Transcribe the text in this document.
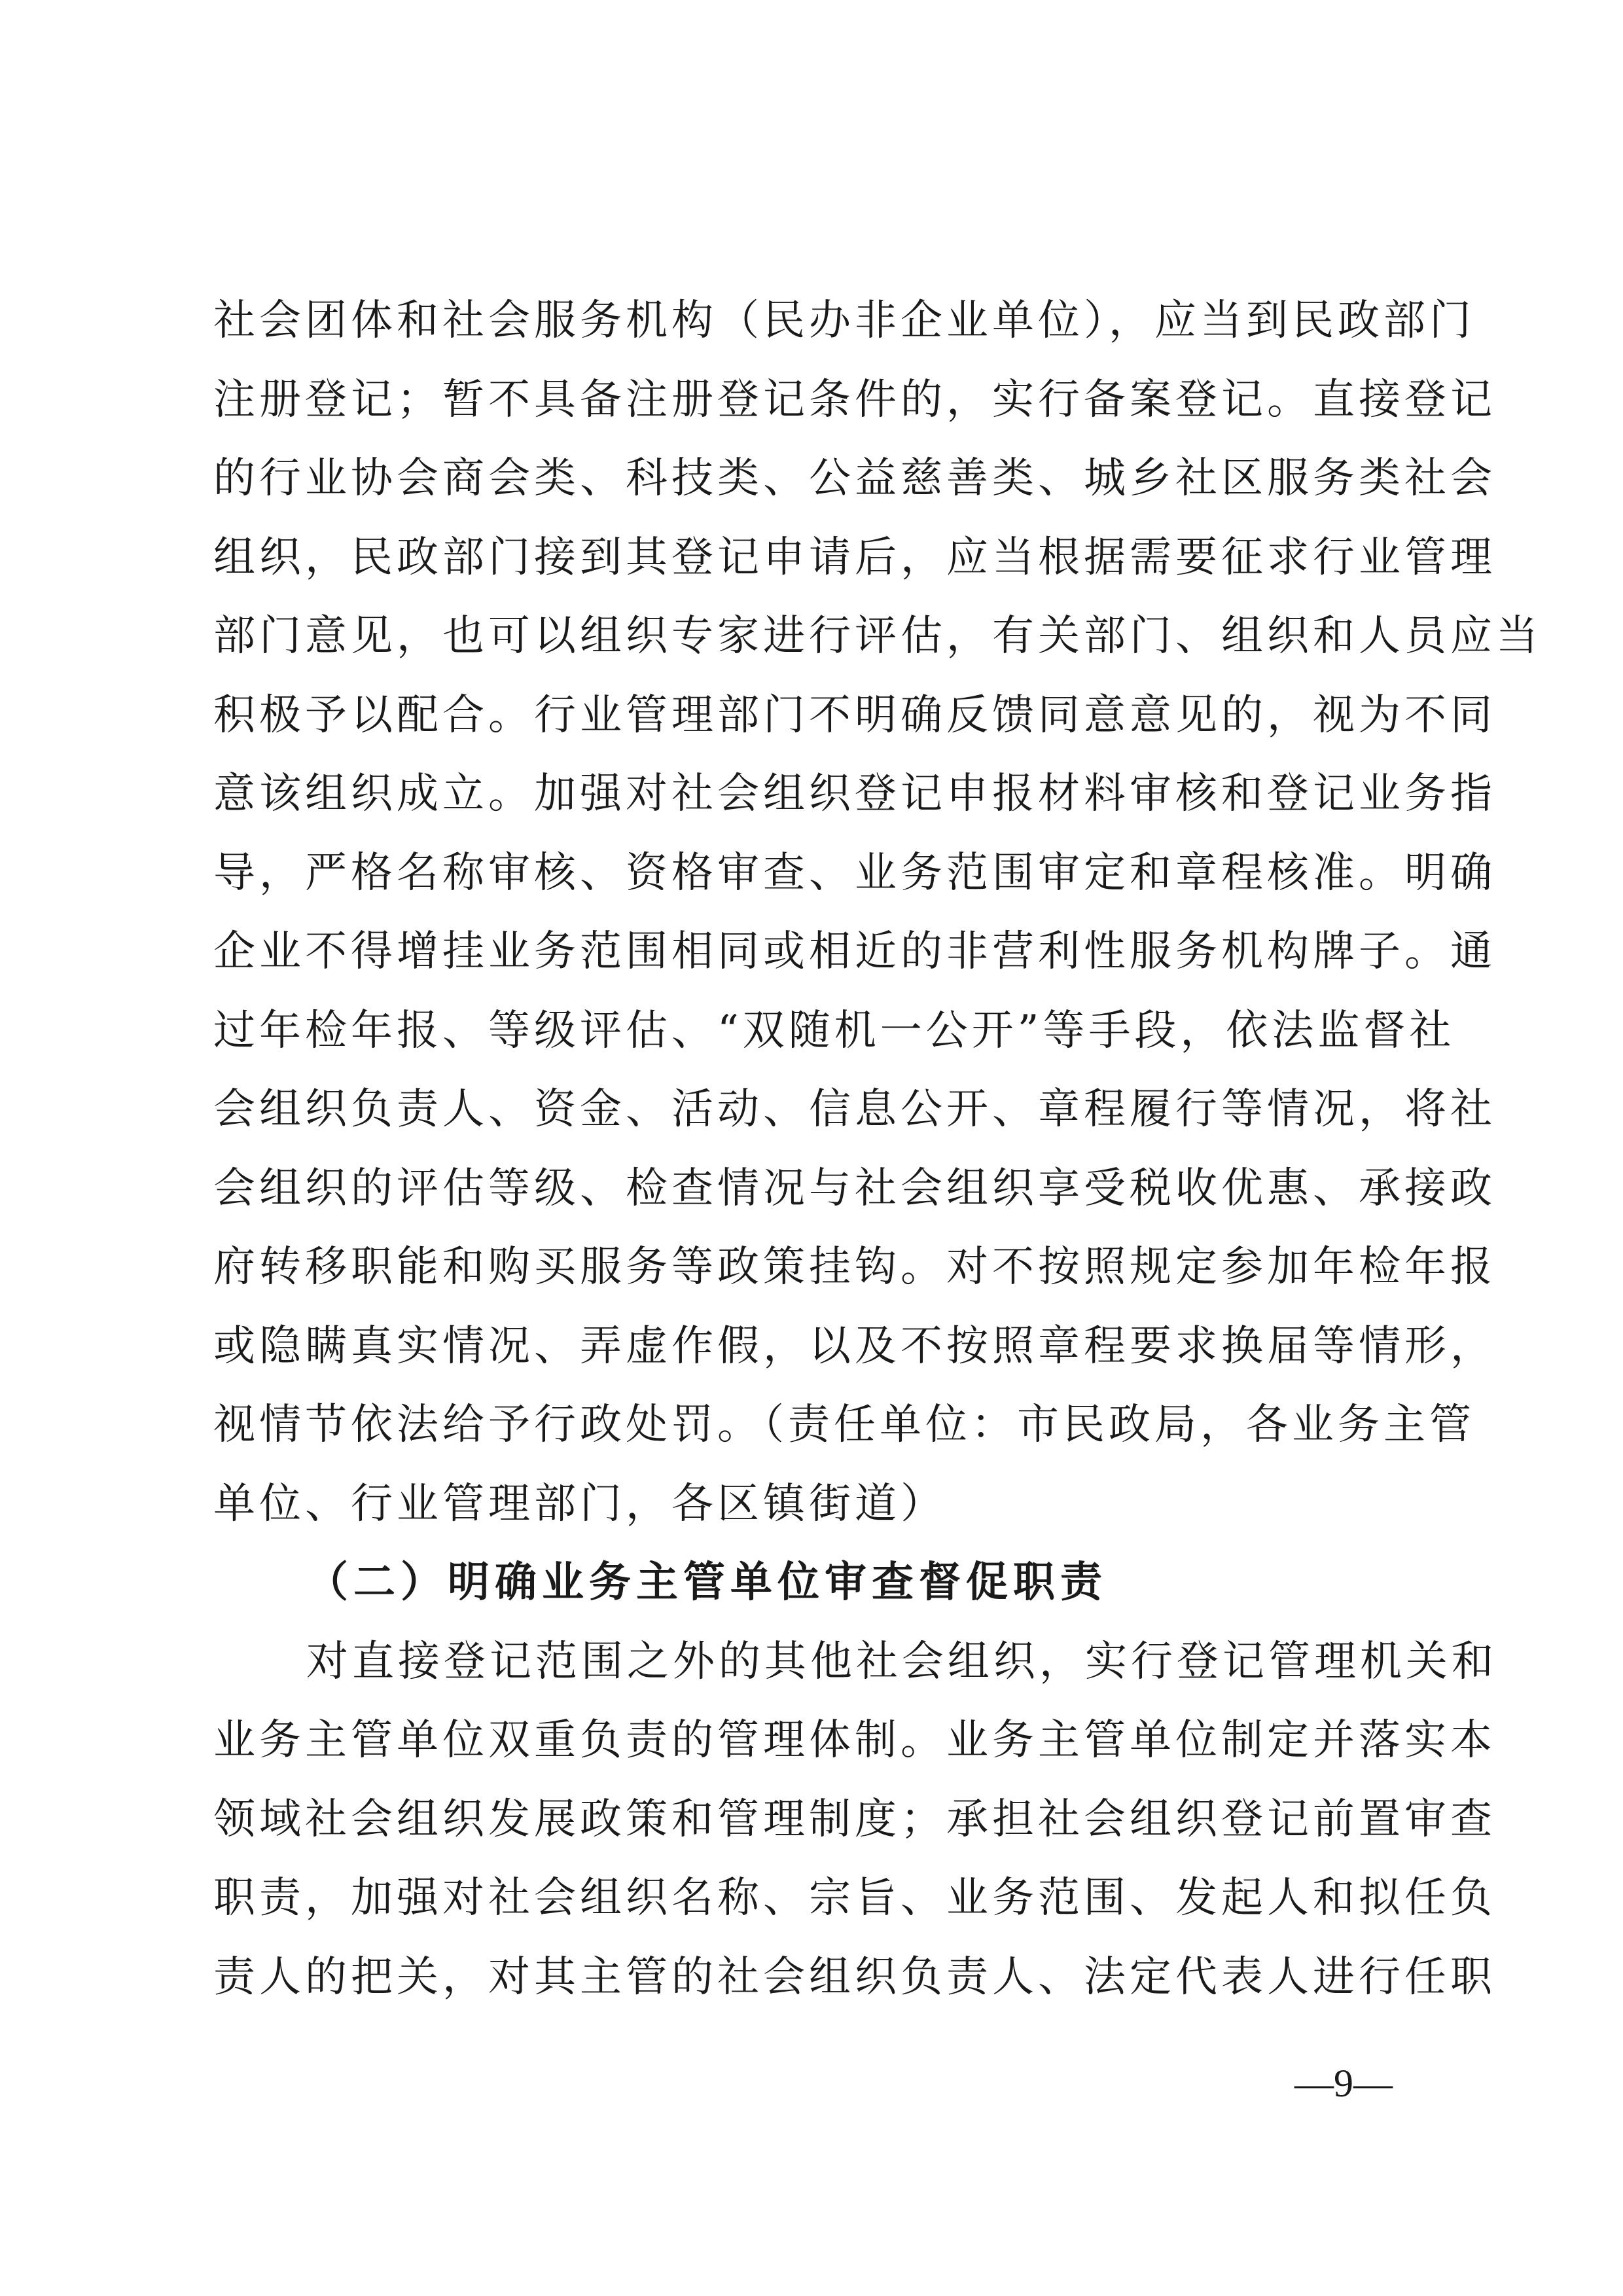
社会团体和社会服务机构（民办非企业单位），应当到民政部门
注册登记；暂不具备注册登记条件的，实行备案登记。直接登记
的行业协会商会类、科技类、公益慈善类、城乡社区服务类社会
组织，民政部门接到其登记申请后，应当根据需要征求行业管理
部门意见，也可以组织专家进行评估，有关部门、组织和人员应当
积极予以配合。行业管理部门不明确反馈同意意见的，视为不同
意该组织成立。加强对社会组织登记申报材料审核和登记业务指
导，严格名称审核、资格审查、业务范围审定和章程核准。明确
企业不得增挂业务范围相同或相近的非营利性服务机构牌子。通
过年检年报、等级评估、“双随机一公开”等手段，依法监督社
会组织负责人、资金、活动、信息公开、章程履行等情况，将社
会组织的评估等级、检查情况与社会组织享受税收优惠、承接政
府转移职能和购买服务等政策挂钩。对不按照规定参加年检年报
或隐瞒真实情况、弄虚作假，以及不按照章程要求换届等情形，
视情节依法给予行政处罚。（责任单位：市民政局，各业务主管
单位、行业管理部门，各区镇街道）
（二）明确业务主管单位审查督促职责
对直接登记范围之外的其他社会组织，实行登记管理机关和
业务主管单位双重负责的管理体制。业务主管单位制定并落实本
领域社会组织发展政策和管理制度；承担社会组织登记前置审查
职责，加强对社会组织名称、宗旨、业务范围、发起人和拟任负
责人的把关，对其主管的社会组织负责人、法定代表人进行任职
—9—
